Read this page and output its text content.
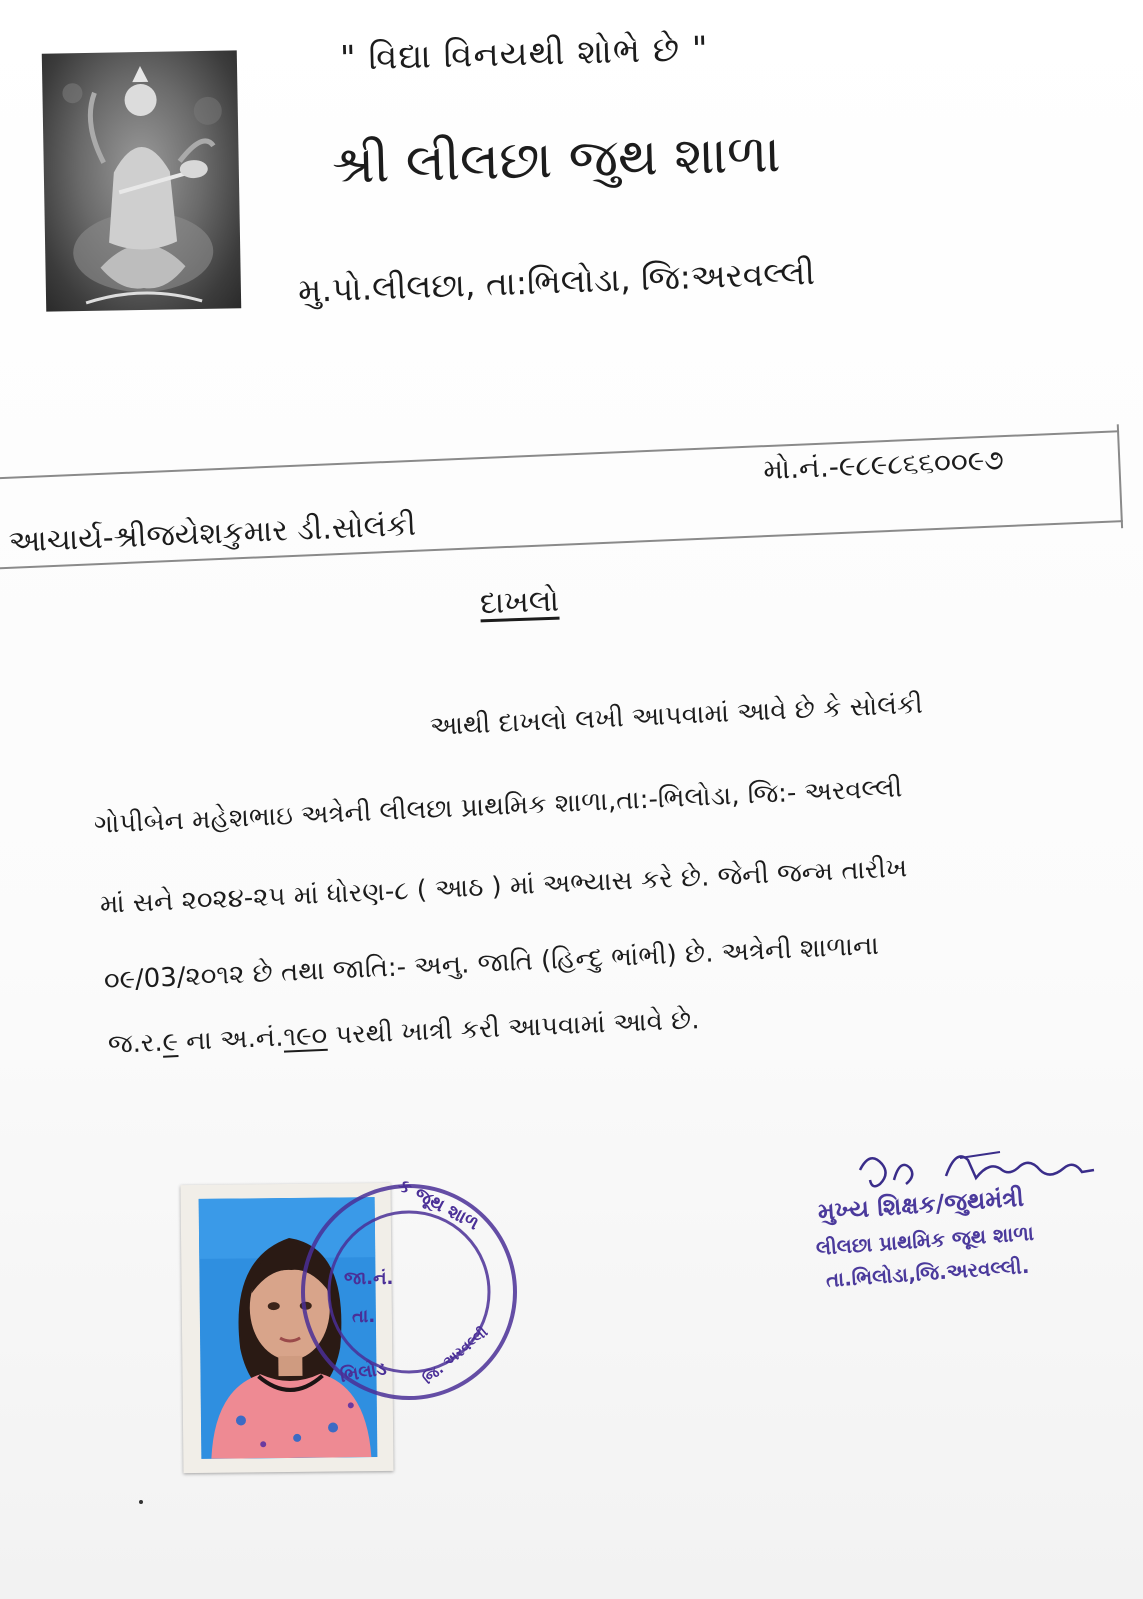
" વિદ્યા વિનયથી શોભે છે "
શ્રી લીલછા જુથ શાળા
મુ.પો.લીલછા, તા:ભિલોડા, જિ:અરવલ્લી
મો.નં.-૯૮૯૮૬૬૦૦૯૭
આચાર્ય-શ્રીજયેશકુમાર ડી.સોલંકી
દાખલો
આથી દાખલો લખી આપવામાં આવે છે કે સોલંકી
ગોપીબેન મહેશભાઇ અત્રેની લીલછા પ્રાથમિક શાળા,તા:-ભિલોડા, જિ:- અરવલ્લી
માં સને ૨૦૨૪-૨૫ માં ધોરણ-૮ ( આઠ ) માં અભ્યાસ કરે છે. જેની જન્મ તારીખ
૦૯/03/૨૦૧૨ છે તથા જાતિ:- અનુ. જાતિ (હિન્દુ ભાંભી) છે. અત્રેની શાળાના
જ.ર.૯ ના અ.નં.૧૯૦ પરથી ખાત્રી કરી આપવામાં આવે છે.
મુખ્ય શિક્ષક/જુથમંત્રી
લીલછા પ્રાથમિક જૂથ શાળા
તા.ભિલોડા,જિ.અરવલ્લી.
ક જૂથ શાળ
જા.નં.
તા.
ભિલોડ જિ. અરવલ્લી
